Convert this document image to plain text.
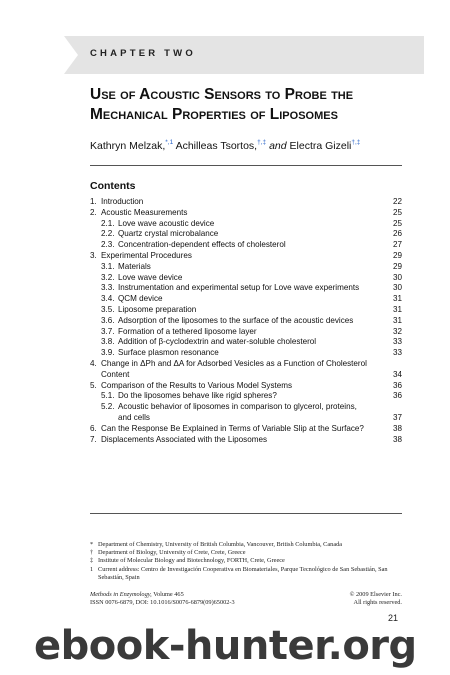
CHAPTER TWO
Use of Acoustic Sensors to Probe the
Mechanical Properties of Liposomes
Kathryn Melzak,$^{*,1}$ Achilleas Tsortos,†,‡ and Electra Gizeli†,‡
Contents
1. Introduction	22
2. Acoustic Measurements	25
2.1. Love wave acoustic device	25
2.2. Quartz crystal microbalance	26
2.3. Concentration-dependent effects of cholesterol	27
3. Experimental Procedures	29
3.1. Materials	29
3.2. Love wave device	30
3.3. Instrumentation and experimental setup for Love wave experiments	30
3.4. QCM device	31
3.5. Liposome preparation	31
3.6. Adsorption of the liposomes to the surface of the acoustic devices	31
3.7. Formation of a tethered liposome layer	32
3.8. Addition of β-cyclodextrin and water-soluble cholesterol	33
3.9. Surface plasmon resonance	33
4. Change in ΔPh and ΔA for Adsorbed Vesicles as a Function of Cholesterol Content	34
5. Comparison of the Results to Various Model Systems	36
5.1. Do the liposomes behave like rigid spheres?	36
5.2. Acoustic behavior of liposomes in comparison to glycerol, proteins, and cells	37
6. Can the Response Be Explained in Terms of Variable Slip at the Surface?	38
7. Displacements Associated with the Liposomes	38
* Department of Chemistry, University of British Columbia, Vancouver, British Columbia, Canada
† Department of Biology, University of Crete, Crete, Greece
‡ Institute of Molecular Biology and Biotechnology, FORTH, Crete, Greece
1 Current address: Centro de Investigación Cooperativa en Biomateriales, Parque Tecnológico de San Sebastián, San Sebastián, Spain
Methods in Enzymology, Volume 465	© 2009 Elsevier Inc.
ISSN 0076-6879, DOI: 10.1016/S0076-6879(09)65002-3	All rights reserved.
21
ebook-hunter.org
